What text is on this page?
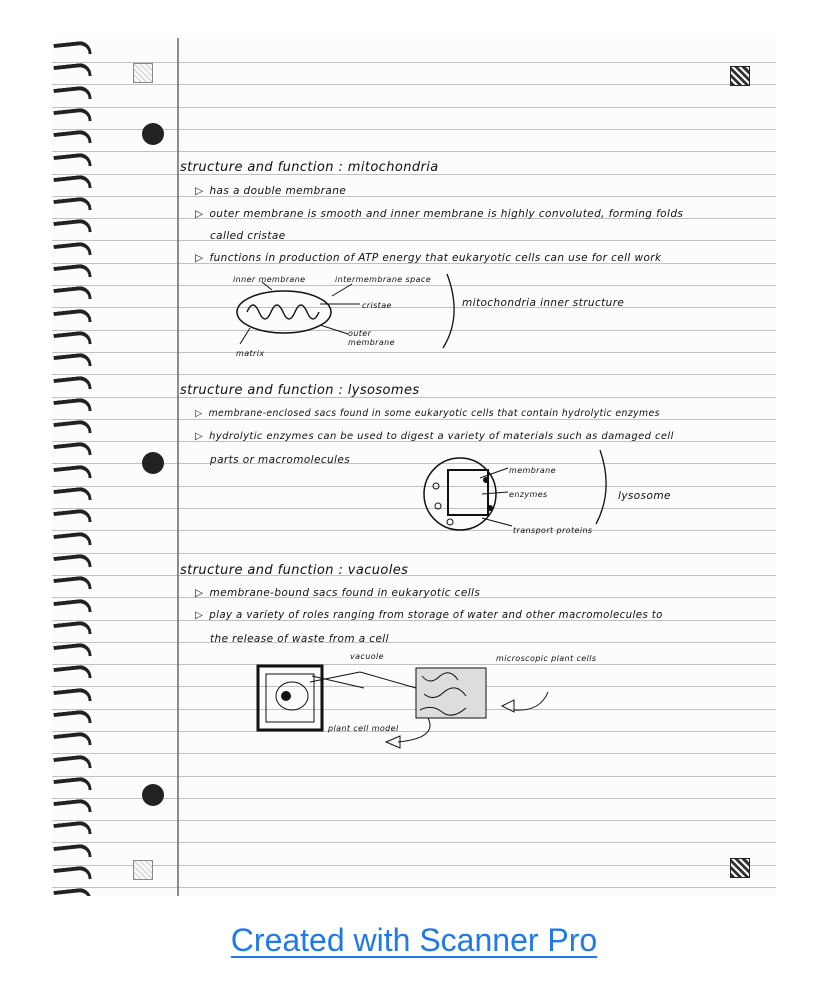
structure and function : mitochondria
▷ has a double membrane
▷ outer membrane is smooth and inner membrane is highly convoluted, forming folds
called cristae
▷ functions in production of ATP energy that eukaryotic cells can use for cell work
inner membrane	intermembrane space
cristae
outer membrane
matrix
mitochondria inner structure
structure and function : lysosomes
▷ membrane-enclosed sacs found in some eukaryotic cells that contain hydrolytic enzymes
▷ hydrolytic enzymes can be used to digest a variety of materials such as damaged cell
parts or macromolecules
membrane
enzymes
transport proteins
lysosome
structure and function : vacuoles
▷ membrane-bound sacs found in eukaryotic cells
▷ play a variety of roles ranging from storage of water and other macromolecules to
the release of waste from a cell
vacuole	microscopic plant cells
plant cell model
Created with Scanner Pro
